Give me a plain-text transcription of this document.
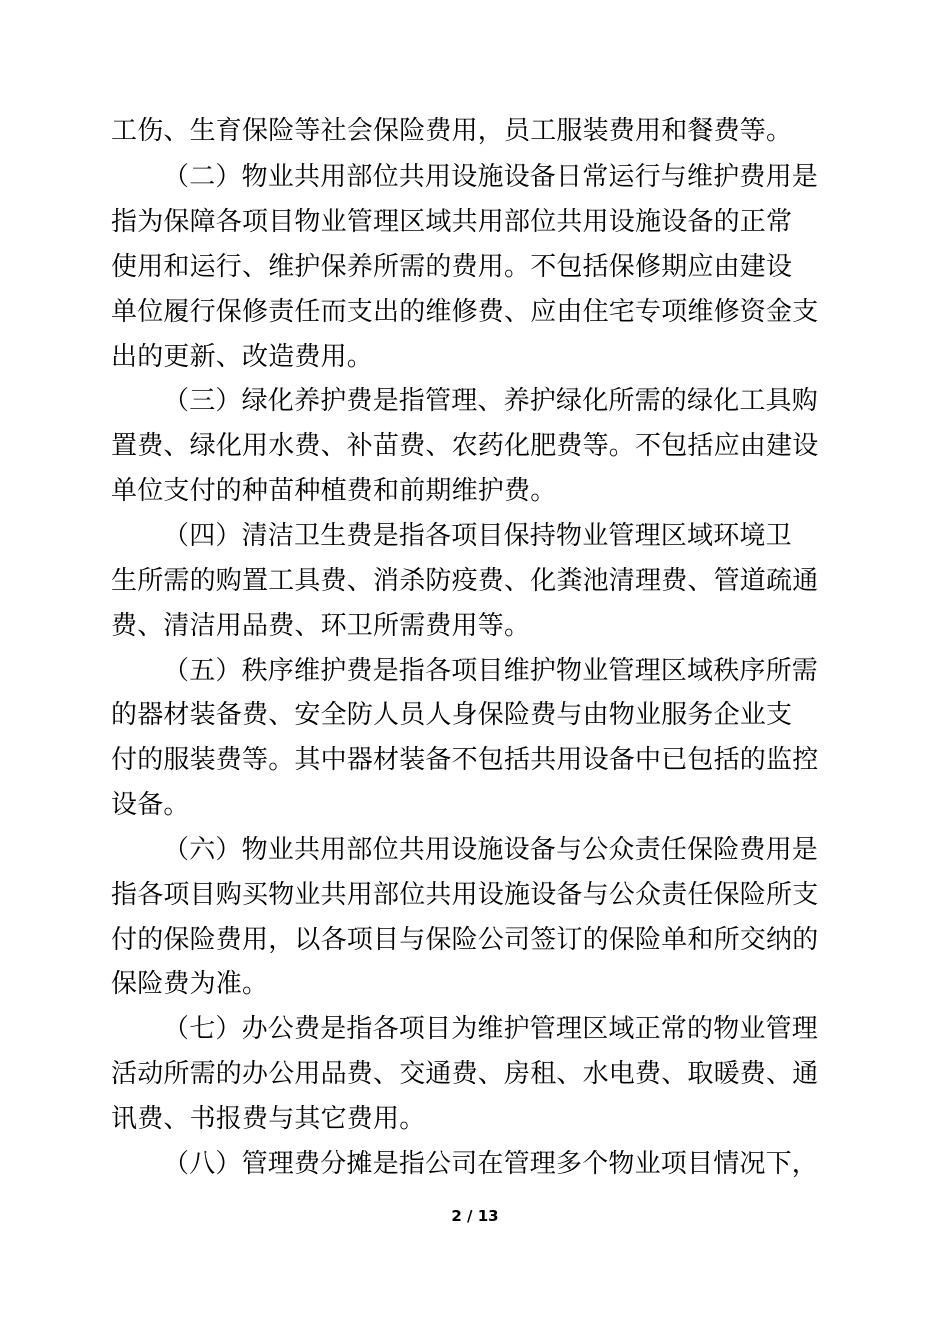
工伤、生育保险等社会保险费用，员工服装费用和餐费等。
（二）物业共用部位共用设施设备日常运行与维护费用是
指为保障各项目物业管理区域共用部位共用设施设备的正常
使用和运行、维护保养所需的费用。不包括保修期应由建设
单位履行保修责任而支出的维修费、应由住宅专项维修资金支
出的更新、改造费用。
（三）绿化养护费是指管理、养护绿化所需的绿化工具购
置费、绿化用水费、补苗费、农药化肥费等。不包括应由建设
单位支付的种苗种植费和前期维护费。
（四）清洁卫生费是指各项目保持物业管理区域环境卫
生所需的购置工具费、消杀防疫费、化粪池清理费、管道疏通
费、清洁用品费、环卫所需费用等。
（五）秩序维护费是指各项目维护物业管理区域秩序所需
的器材装备费、安全防人员人身保险费与由物业服务企业支
付的服装费等。其中器材装备不包括共用设备中已包括的监控
设备。
（六）物业共用部位共用设施设备与公众责任保险费用是
指各项目购买物业共用部位共用设施设备与公众责任保险所支
付的保险费用，以各项目与保险公司签订的保险单和所交纳的
保险费为准。
（七）办公费是指各项目为维护管理区域正常的物业管理
活动所需的办公用品费、交通费、房租、水电费、取暖费、通
讯费、书报费与其它费用。
（八）管理费分摊是指公司在管理多个物业项目情况下，
2 / 13
